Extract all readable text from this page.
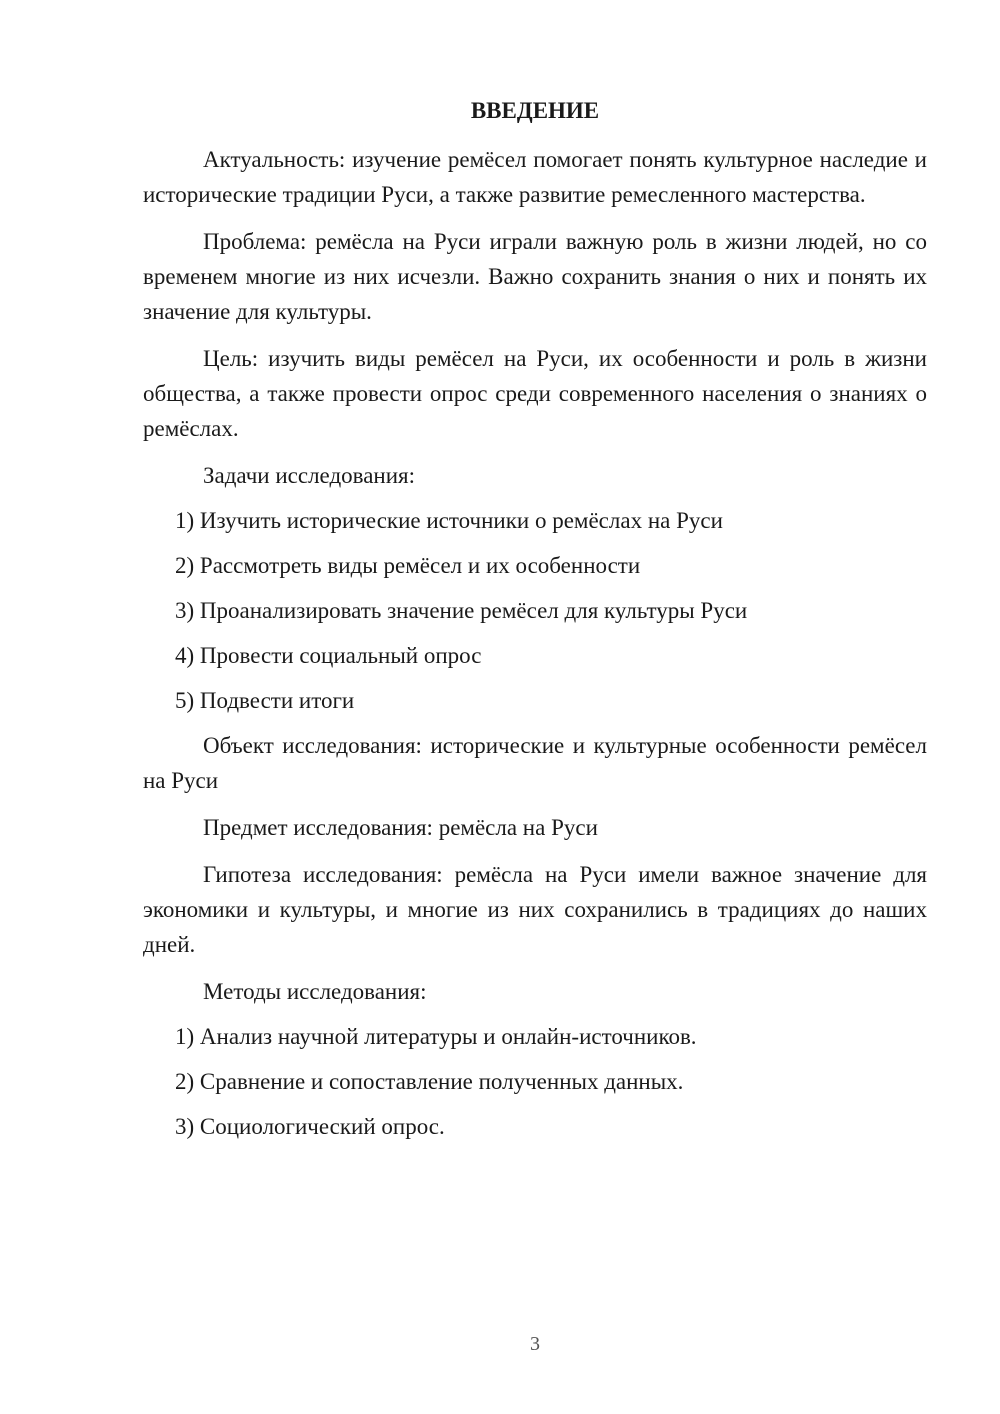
ВВЕДЕНИЕ

Актуальность: изучение ремёсел помогает понять культурное наследие и исторические традиции Руси, а также развитие ремесленного мастерства.

Проблема: ремёсла на Руси играли важную роль в жизни людей, но со временем многие из них исчезли. Важно сохранить знания о них и понять их значение для культуры.

Цель: изучить виды ремёсел на Руси, их особенности и роль в жизни общества, а также провести опрос среди современного населения о знаниях о ремёслах.

Задачи исследования:

1) Изучить исторические источники о ремёслах на Руси
2) Рассмотреть виды ремёсел и их особенности
3) Проанализировать значение ремёсел для культуры Руси
4) Провести социальный опрос
5) Подвести итоги

Объект исследования: исторические и культурные особенности ремёсел на Руси

Предмет исследования: ремёсла на Руси

Гипотеза исследования: ремёсла на Руси имели важное значение для экономики и культуры, и многие из них сохранились в традициях до наших дней.

Методы исследования:

1) Анализ научной литературы и онлайн-источников.
2) Сравнение и сопоставление полученных данных.
3) Социологический опрос.
3
